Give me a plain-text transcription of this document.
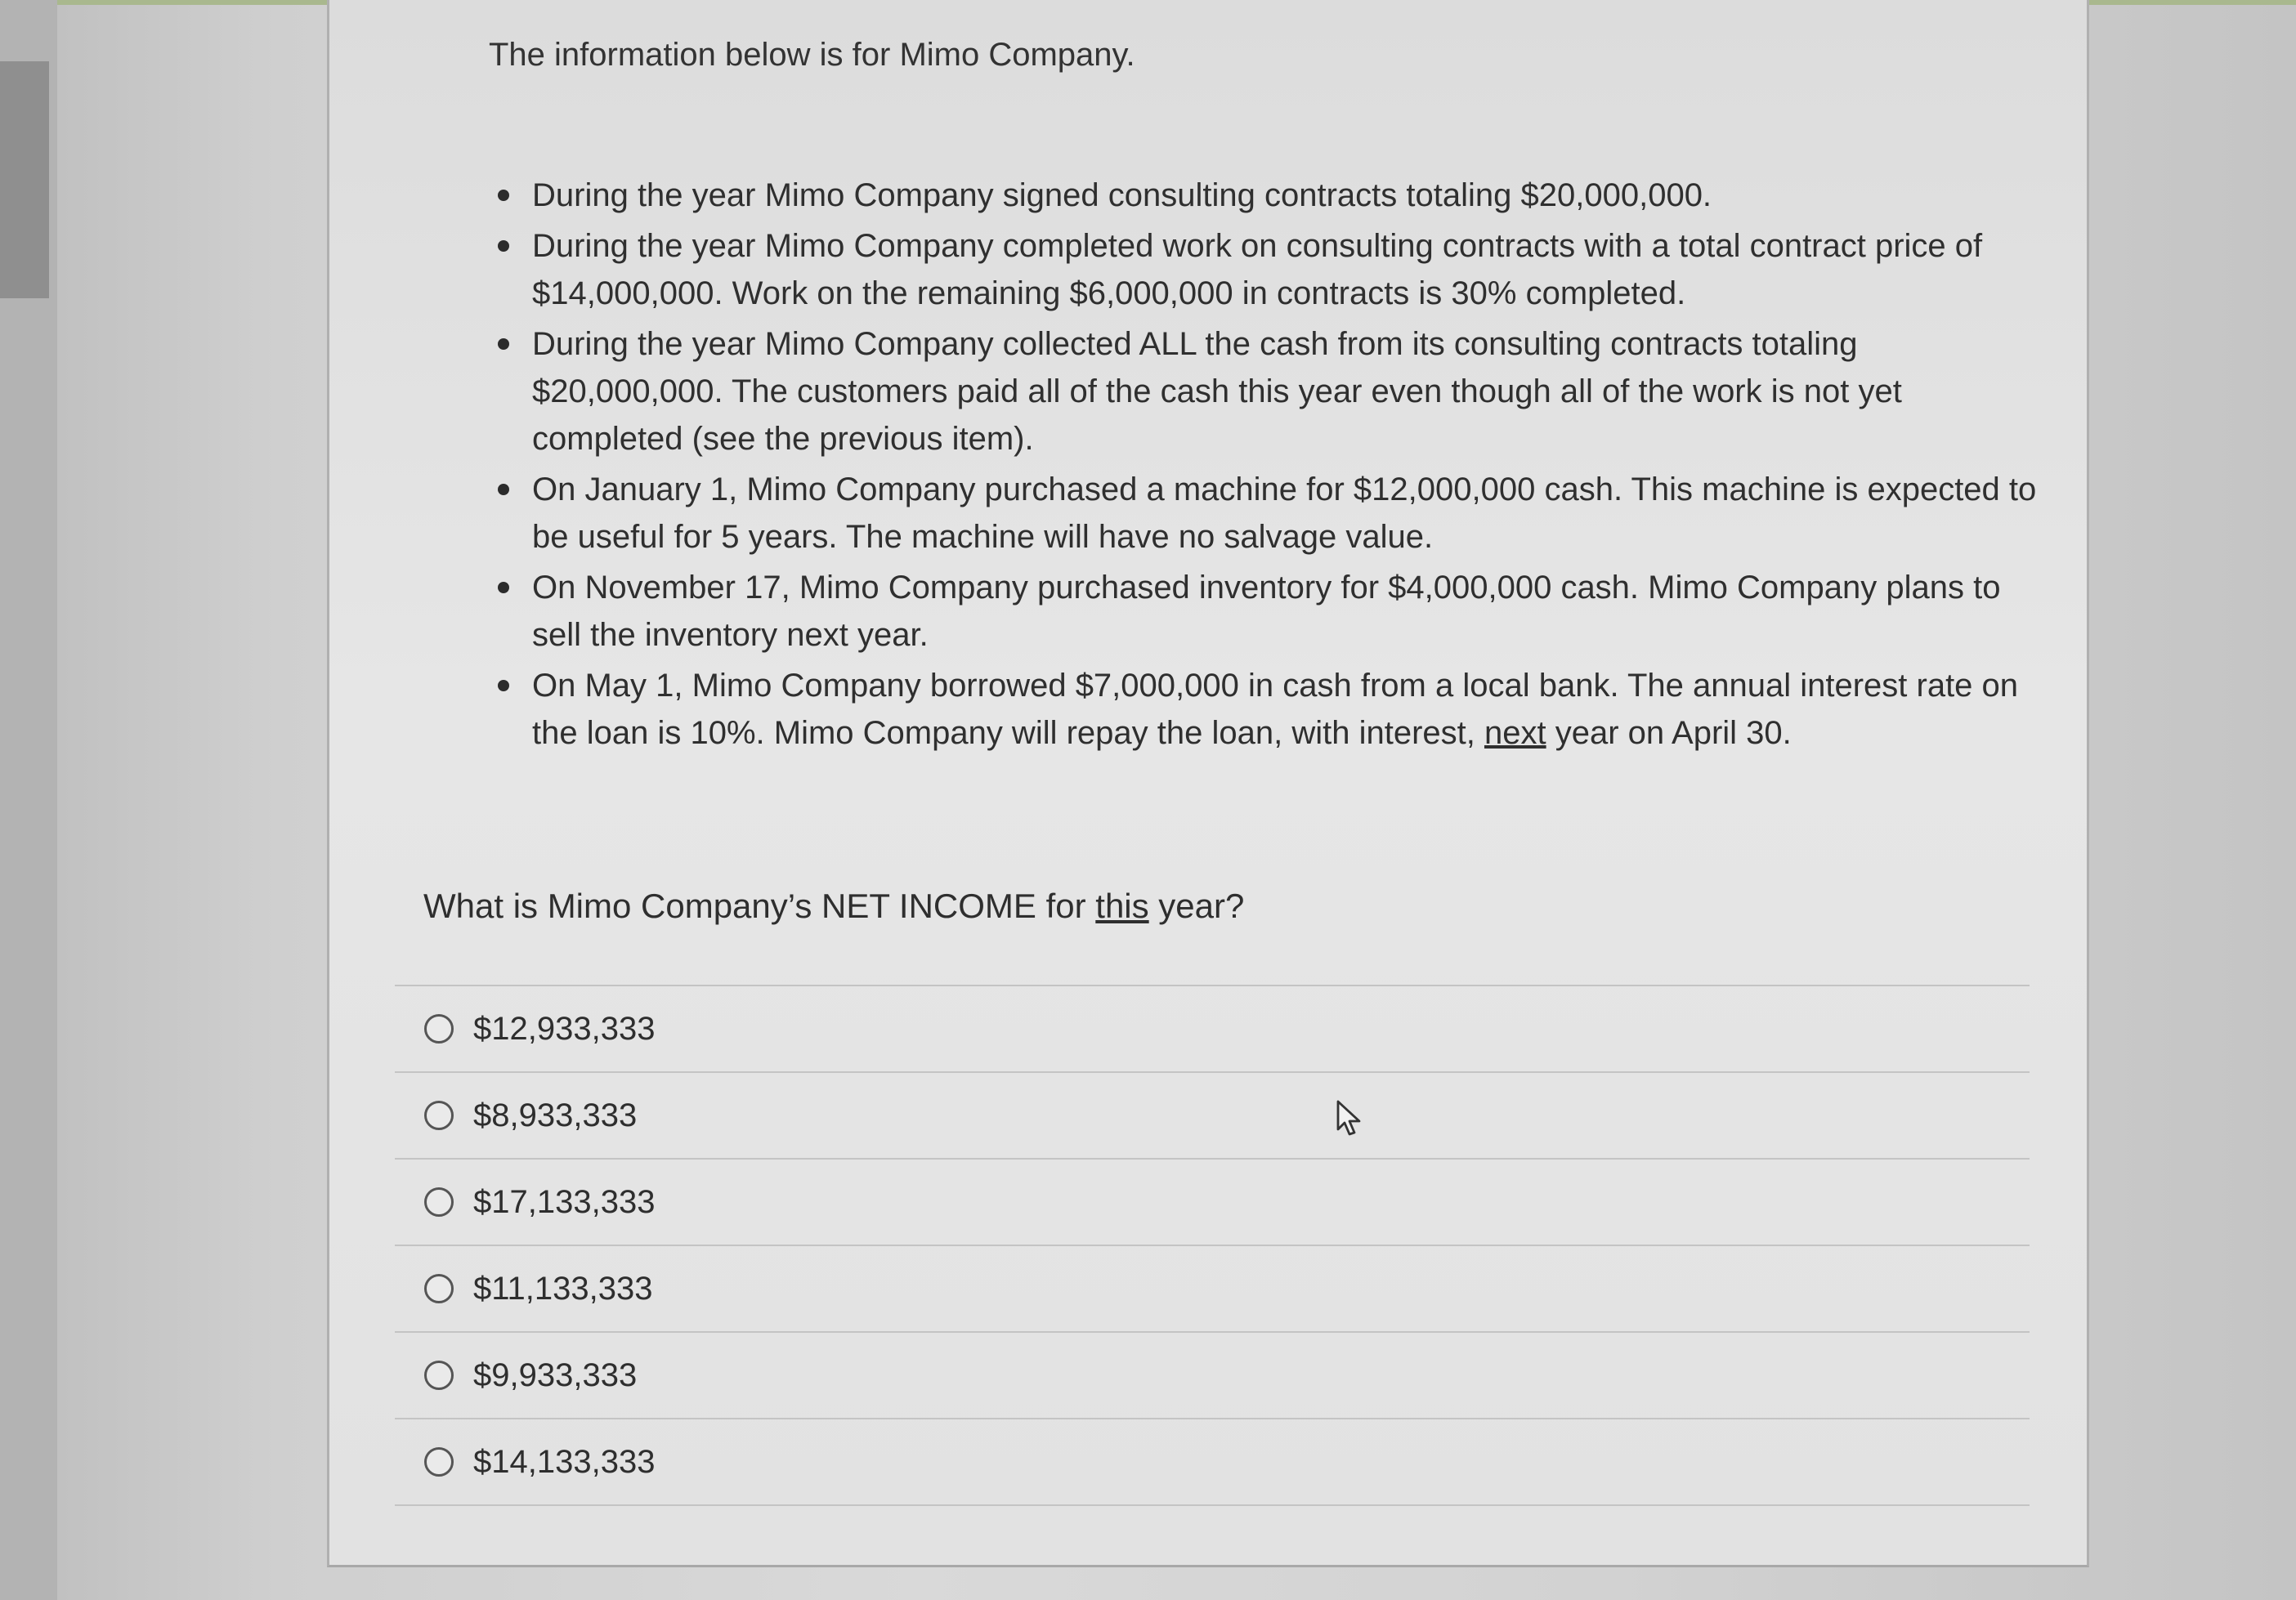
The information below is for Mimo Company.

During the year Mimo Company signed consulting contracts totaling $20,000,000.
During the year Mimo Company completed work on consulting contracts with a total contract price of $14,000,000. Work on the remaining $6,000,000 in contracts is 30% completed.
During the year Mimo Company collected ALL the cash from its consulting contracts totaling $20,000,000. The customers paid all of the cash this year even though all of the work is not yet completed (see the previous item).
On January 1, Mimo Company purchased a machine for $12,000,000 cash. This machine is expected to be useful for 5 years. The machine will have no salvage value.
On November 17, Mimo Company purchased inventory for $4,000,000 cash. Mimo Company plans to sell the inventory next year.
On May 1, Mimo Company borrowed $7,000,000 in cash from a local bank. The annual interest rate on the loan is 10%. Mimo Company will repay the loan, with interest, next year on April 30.

What is Mimo Company’s NET INCOME for this year?

$12,933,333
$8,933,333
$17,133,333
$11,133,333
$9,933,333
$14,133,333
